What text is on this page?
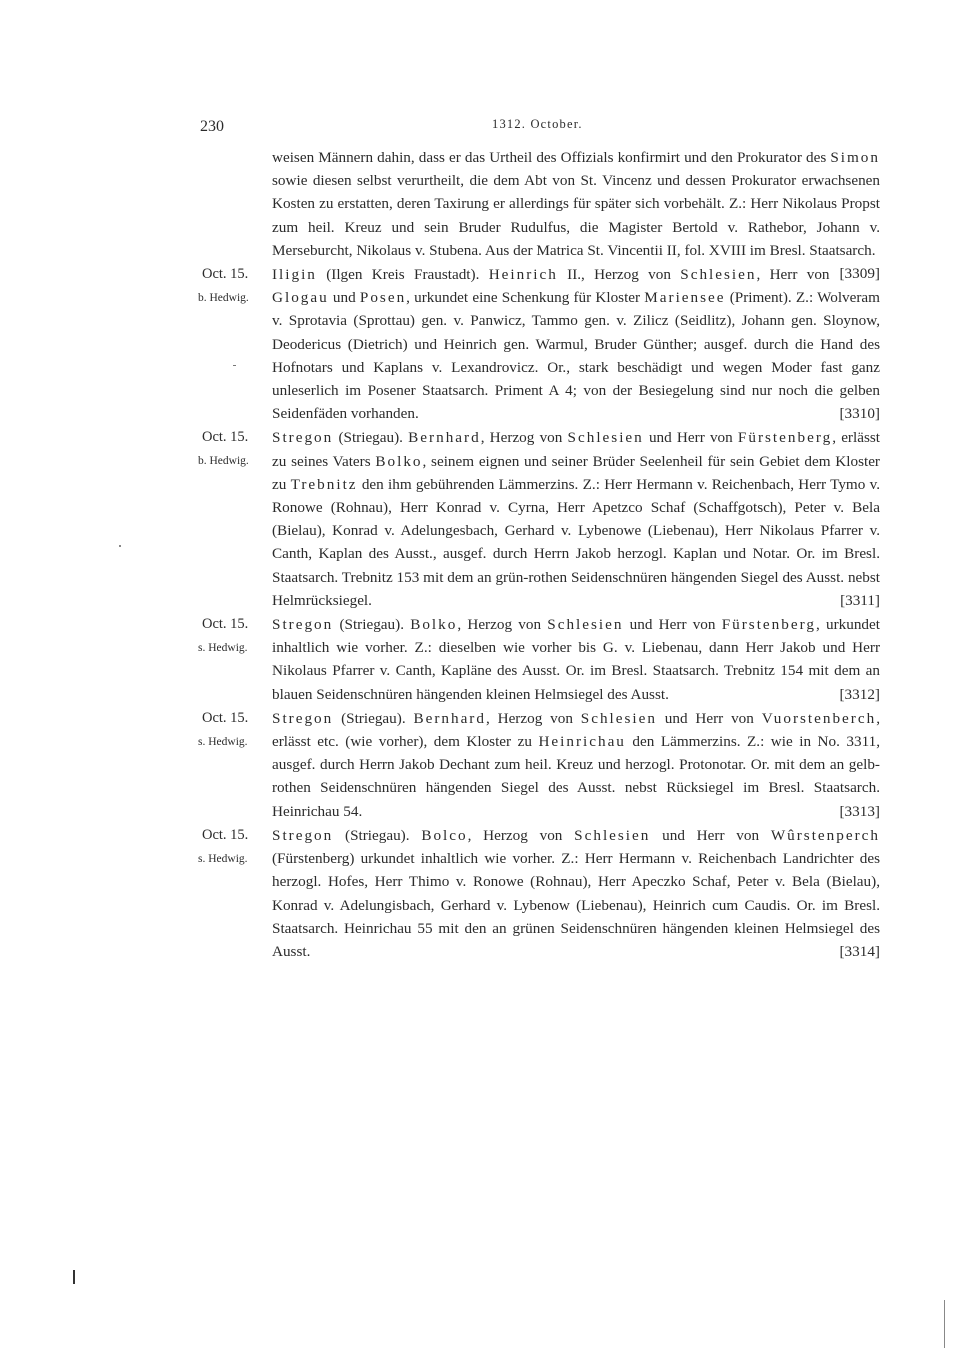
230	1312. October.
weisen Männern dahin, dass er das Urtheil des Offizials konfirmirt und den Prokurator des Simon sowie diesen selbst verurtheilt, die dem Abt von St. Vincenz und dessen Prokurator erwachsenen Kosten zu erstatten, deren Taxirung er allerdings für später sich vorbehält. Z.: Herr Nikolaus Propst zum heil. Kreuz und sein Bruder Rudulfus, die Magister Bertold v. Rathebor, Johann v. Merseburcht, Nikolaus v. Stubena. Aus der Matrica St. Vincentii II, fol. XVIII im Bresl. Staatsarch.
[3309]
Oct. 15.
b. Hedwig.
Iligin (Ilgen Kreis Fraustadt). Heinrich II., Herzog von Schlesien, Herr von Glogau und Posen, urkundet eine Schenkung für Kloster Mariensee (Priment). Z.: Wolveram v. Sprotavia (Sprottau) gen. v. Panwicz, Tammo gen. v. Zilicz (Seidlitz), Johann gen. Sloynow, Deodericus (Dietrich) und Heinrich gen. Warmul, Bruder Günther; ausgef. durch die Hand des Hofnotars und Kaplans v. Lexandrovicz. Or., stark beschädigt und wegen Moder fast ganz unleserlich im Posener Staatsarch. Priment A 4; von der Besiegelung sind nur noch die gelben Seidenfäden vorhanden.	[3310]
Oct. 15.
b. Hedwig.
Stregon (Striegau). Bernhard, Herzog von Schlesien und Herr von Fürstenberg, erlässt zu seines Vaters Bolko, seinem eignen und seiner Brüder Seelenheil für sein Gebiet dem Kloster zu Trebnitz den ihm gebührenden Lämmerzins. Z.: Herr Hermann v. Reichenbach, Herr Tymo v. Ronowe (Rohnau), Herr Konrad v. Cyrna, Herr Apetzco Schaf (Schaffgotsch), Peter v. Bela (Bielau), Konrad v. Adelungesbach, Gerhard v. Lybenowe (Liebenau), Herr Nikolaus Pfarrer v. Canth, Kaplan des Ausst., ausgef. durch Herrn Jakob herzogl. Kaplan und Notar. Or. im Bresl. Staatsarch. Trebnitz 153 mit dem an grün-rothen Seidenschnüren hängenden Siegel des Ausst. nebst Helmrücksiegel.	[3311]
Oct. 15.
s. Hedwig.
Stregon (Striegau). Bolko, Herzog von Schlesien und Herr von Fürstenberg, urkundet inhaltlich wie vorher. Z.: dieselben wie vorher bis G. v. Liebenau, dann Herr Jakob und Herr Nikolaus Pfarrer v. Canth, Kapläne des Ausst. Or. im Bresl. Staatsarch. Trebnitz 154 mit dem an blauen Seidenschnüren hängenden kleinen Helmsiegel des Ausst.	[3312]
Oct. 15.
s. Hedwig.
Stregon (Striegau). Bernhard, Herzog von Schlesien und Herr von Vuorstenberch, erlässt etc. (wie vorher), dem Kloster zu Heinrichau den Lämmerzins. Z.: wie in No. 3311, ausgef. durch Herrn Jakob Dechant zum heil. Kreuz und herzogl. Protonotar. Or. mit dem an gelb-rothen Seidenschnüren hängenden Siegel des Ausst. nebst Rücksiegel im Bresl. Staatsarch. Heinrichau 54.	[3313]
Oct. 15.
s. Hedwig.
Stregon (Striegau). Bolco, Herzog von Schlesien und Herr von Wûrstenperch (Fürstenberg) urkundet inhaltlich wie vorher. Z.: Herr Hermann v. Reichenbach Landrichter des herzogl. Hofes, Herr Thimo v. Ronowe (Rohnau), Herr Apeczko Schaf, Peter v. Bela (Bielau), Konrad v. Adelungisbach, Gerhard v. Lybenow (Liebenau), Heinrich cum Caudis. Or. im Bresl. Staatsarch. Heinrichau 55 mit den an grünen Seidenschnüren hängenden kleinen Helmsiegel des Ausst.	[3314]
